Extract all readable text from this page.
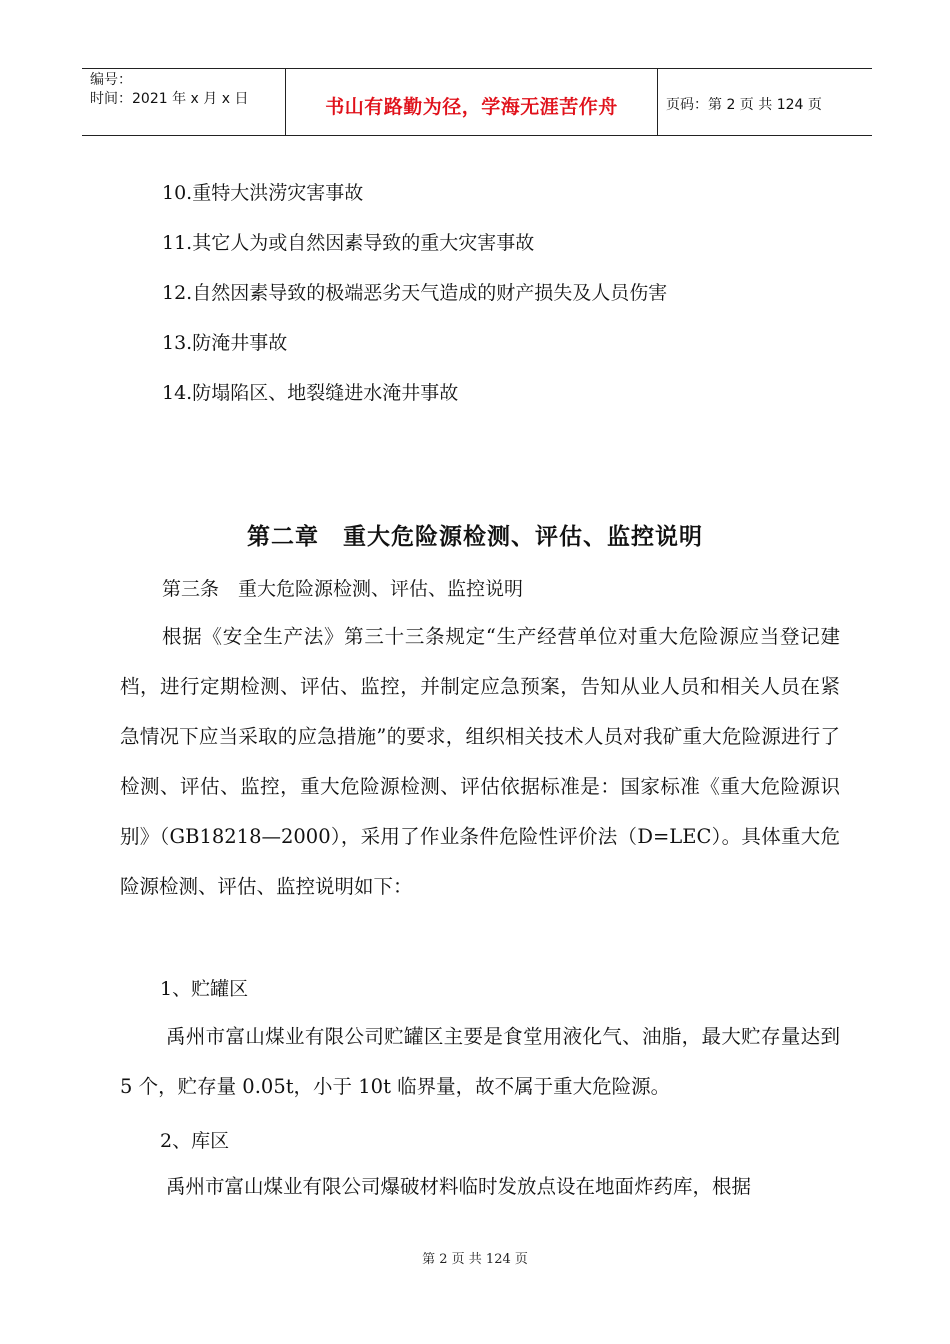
编号：
时间：2021 年 x 月 x 日	书山有路勤为径，学海无涯苦作舟	页码：第 2 页 共 124 页
10.重特大洪涝灾害事故
11.其它人为或自然因素导致的重大灾害事故
12.自然因素导致的极端恶劣天气造成的财产损失及人员伤害
13.防淹井事故
14.防塌陷区、地裂缝进水淹井事故
第二章　重大危险源检测、评估、监控说明
第三条　重大危险源检测、评估、监控说明
根据《安全生产法》第三十三条规定“生产经营单位对重大危险源应当登记建档，进行定期检测、评估、监控，并制定应急预案，告知从业人员和相关人员在紧急情况下应当采取的应急措施”的要求，组织相关技术人员对我矿重大危险源进行了检测、评估、监控，重大危险源检测、评估依据标准是：国家标准《重大危险源识别》（GB18218—2000），采用了作业条件危险性评价法（D=LEC）。具体重大危险源检测、评估、监控说明如下：
1、贮罐区
禹州市富山煤业有限公司贮罐区主要是食堂用液化气、油脂，最大贮存量达到 5 个，贮存量 0.05t，小于 10t 临界量，故不属于重大危险源。
2、库区
禹州市富山煤业有限公司爆破材料临时发放点设在地面炸药库，根据
第 2 页 共 124 页
